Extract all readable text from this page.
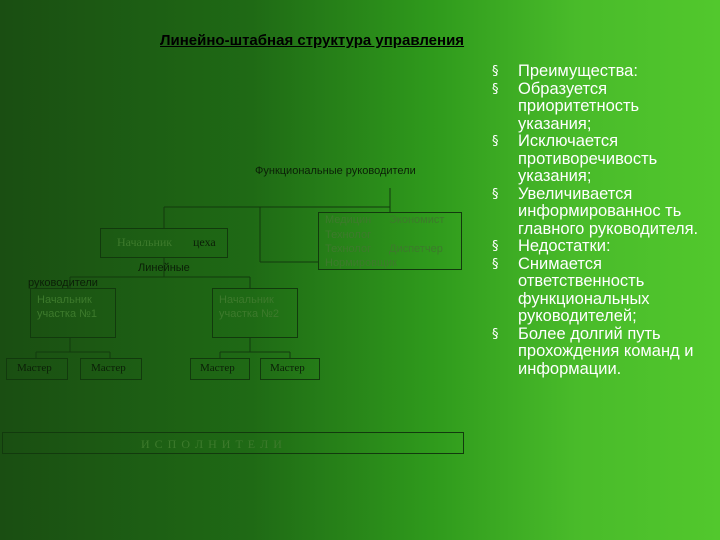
Линейно-штабная структура управления
Функциональные руководители
Медицин Экономист
Технолог
Технолог Диспетчер
Нормировщик
Начальник цеха
Линейные
руководители
Начальник участка №1
Начальник участка №2
Мастер	Мастер	Мастер	Мастер
И С П О Л Н И Т Е Л И
§ Преимущества:
§ Образуется приоритетность указания;
§ Исключается противоречивость указания;
§ Увеличивается информированнос ть главного руководителя.
§ Недостатки:
§ Снимается ответственность функциональных руководителей;
§ Более долгий путь прохождения команд и информации.
